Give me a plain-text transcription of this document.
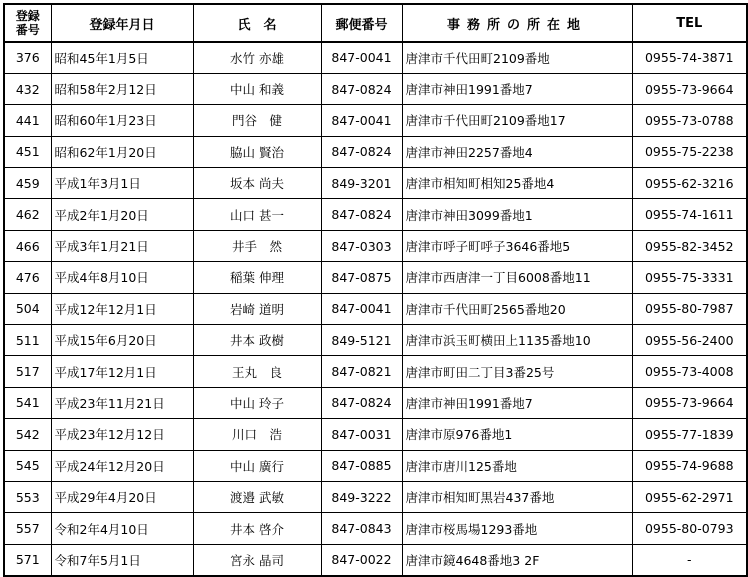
登録
番号	登録年月日	氏　名	郵便番号	事務所の所在地	TEL
376	昭和45年1月5日	水竹 亦雄	847-0041	唐津市千代田町2109番地	0955-74-3871
432	昭和58年2月12日	中山 和義	847-0824	唐津市神田1991番地7	0955-73-9664
441	昭和60年1月23日	門谷　健	847-0041	唐津市千代田町2109番地17	0955-73-0788
451	昭和62年1月20日	脇山 賢治	847-0824	唐津市神田2257番地4	0955-75-2238
459	平成1年3月1日	坂本 尚夫	849-3201	唐津市相知町相知25番地4	0955-62-3216
462	平成2年1月20日	山口 甚一	847-0824	唐津市神田3099番地1	0955-74-1611
466	平成3年1月21日	井手　然	847-0303	唐津市呼子町呼子3646番地5	0955-82-3452
476	平成4年8月10日	稲葉 伸理	847-0875	唐津市西唐津一丁目6008番地11	0955-75-3331
504	平成12年12月1日	岩崎 道明	847-0041	唐津市千代田町2565番地20	0955-80-7987
511	平成15年6月20日	井本 政樹	849-5121	唐津市浜玉町横田上1135番地10	0955-56-2400
517	平成17年12月1日	王丸　良	847-0821	唐津市町田二丁目3番25号	0955-73-4008
541	平成23年11月21日	中山 玲子	847-0824	唐津市神田1991番地7	0955-73-9664
542	平成23年12月12日	川口　浩	847-0031	唐津市原976番地1	0955-77-1839
545	平成24年12月20日	中山 廣行	847-0885	唐津市唐川125番地	0955-74-9688
553	平成29年4月20日	渡邉 武敏	849-3222	唐津市相知町黒岩437番地	0955-62-2971
557	令和2年4月10日	井本 啓介	847-0843	唐津市桜馬場1293番地	0955-80-0793
571	令和7年5月1日	宮永 晶司	847-0022	唐津市鏡4648番地3 2F	-
